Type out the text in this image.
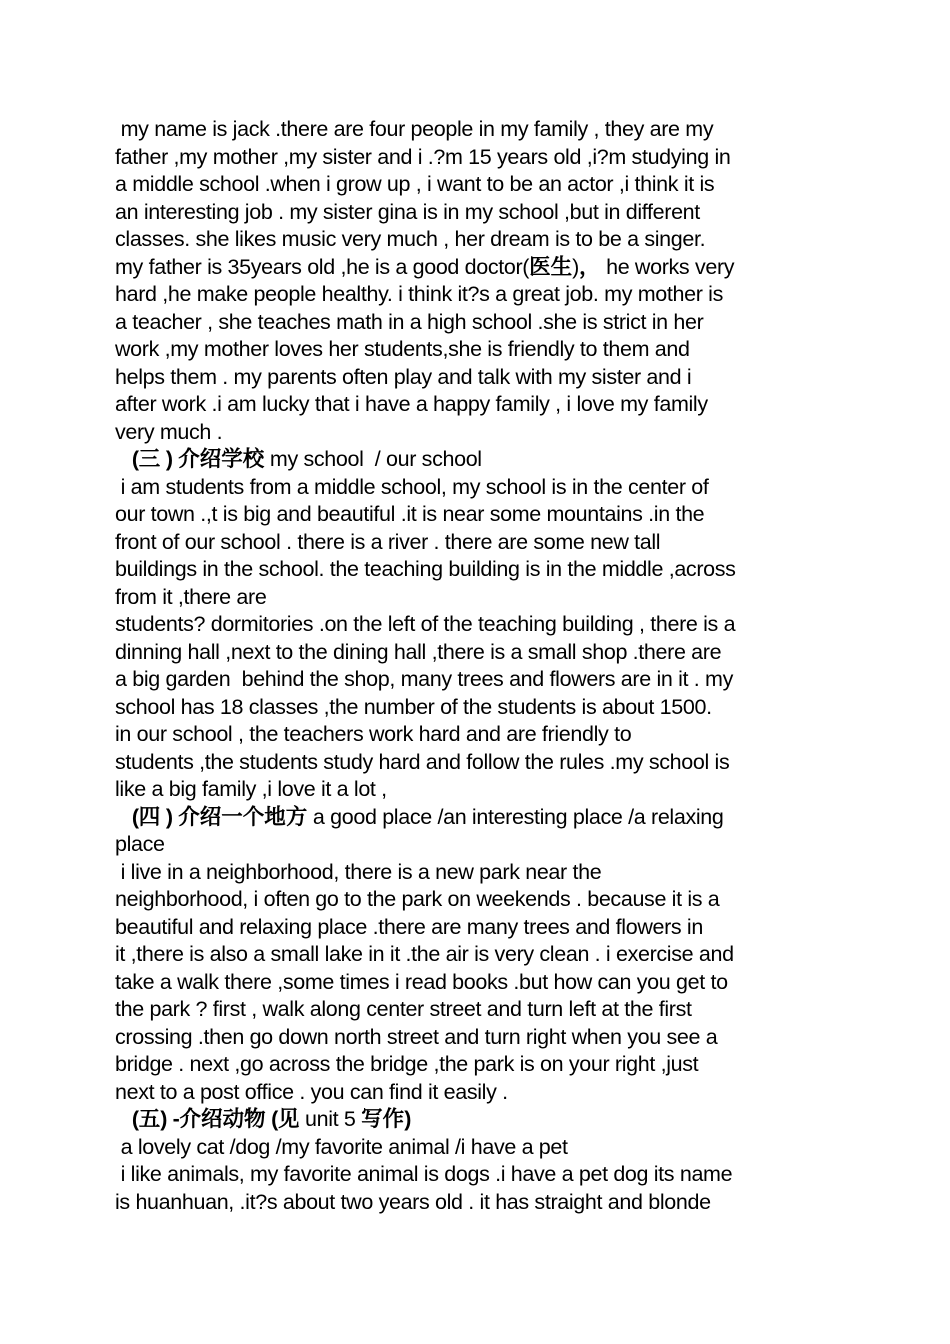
my name is jack .there are four people in my family , they are my
father ,my mother ,my sister and i .?m 15 years old ,i?m studying in
a middle school .when i grow up , i want to be an actor ,i think it is
an interesting job . my sister gina is in my school ,but in different
classes. she likes music very much , her dream is to be a singer.
my father is 35years old ,he is a good doctor(医生)， he works very
hard ,he make people healthy. i think it?s a great job. my mother is
a teacher , she teaches math in a high school .she is strict in her
work ,my mother loves her students,she is friendly to them and
helps them . my parents often play and talk with my sister and i
after work .i am lucky that i have a happy family , i love my family
very much .
(三 ) 介绍学校 my school  / our school
i am students from a middle school, my school is in the center of
our town .,t is big and beautiful .it is near some mountains .in the
front of our school . there is a river . there are some new tall
buildings in the school. the teaching building is in the middle ,across
from it ,there are
students? dormitories .on the left of the teaching building , there is a
dinning hall ,next to the dining hall ,there is a small shop .there are
a big garden  behind the shop, many trees and flowers are in it . my
school has 18 classes ,the number of the students is about 1500.
in our school , the teachers work hard and are friendly to
students ,the students study hard and follow the rules .my school is
like a big family ,i love it a lot ,
(四 ) 介绍一个地方 a good place /an interesting place /a relaxing
place
i live in a neighborhood, there is a new park near the
neighborhood, i often go to the park on weekends . because it is a
beautiful and relaxing place .there are many trees and flowers in
it ,there is also a small lake in it .the air is very clean . i exercise and
take a walk there ,some times i read books .but how can you get to
the park ? first , walk along center street and turn left at the first
crossing .then go down north street and turn right when you see a
bridge . next ,go across the bridge ,the park is on your right ,just
next to a post office . you can find it easily .
(五) -介绍动物 (见 unit 5 写作)
a lovely cat /dog /my favorite animal /i have a pet
i like animals, my favorite animal is dogs .i have a pet dog its name
is huanhuan, .it?s about two years old . it has straight and blonde
